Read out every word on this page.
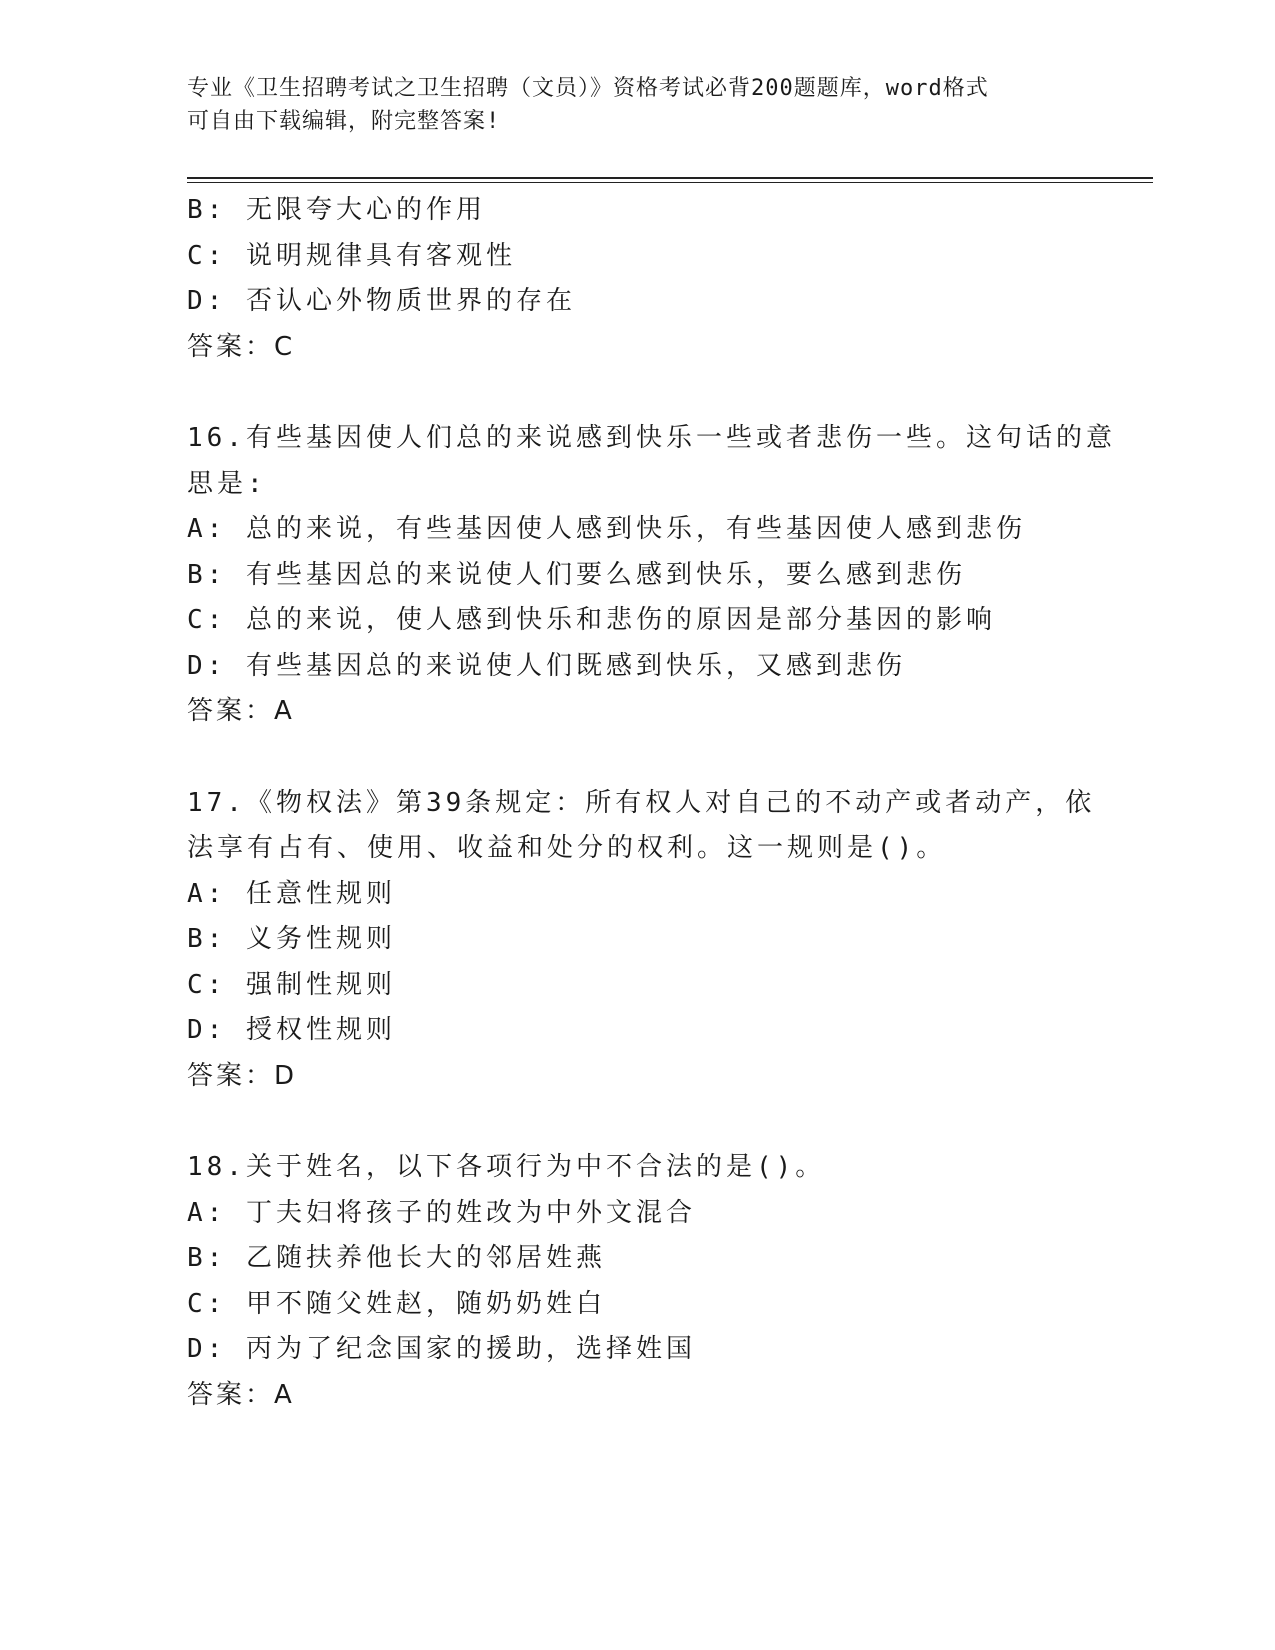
专业《卫生招聘考试之卫生招聘（文员）》资格考试必背200题题库，word格式
可自由下载编辑，附完整答案!
B: 无限夸大心的作用
C: 说明规律具有客观性
D: 否认心外物质世界的存在
答案：C
16.有些基因使人们总的来说感到快乐一些或者悲伤一些。这句话的意
思是:
A: 总的来说，有些基因使人感到快乐，有些基因使人感到悲伤
B: 有些基因总的来说使人们要么感到快乐，要么感到悲伤
C: 总的来说，使人感到快乐和悲伤的原因是部分基因的影响
D: 有些基因总的来说使人们既感到快乐，又感到悲伤
答案：A
17.《物权法》第39条规定：所有权人对自己的不动产或者动产，依
法享有占有、使用、收益和处分的权利。这一规则是()。
A: 任意性规则
B: 义务性规则
C: 强制性规则
D: 授权性规则
答案：D
18.关于姓名，以下各项行为中不合法的是()。
A: 丁夫妇将孩子的姓改为中外文混合
B: 乙随扶养他长大的邻居姓燕
C: 甲不随父姓赵，随奶奶姓白
D: 丙为了纪念国家的援助，选择姓国
答案：A
